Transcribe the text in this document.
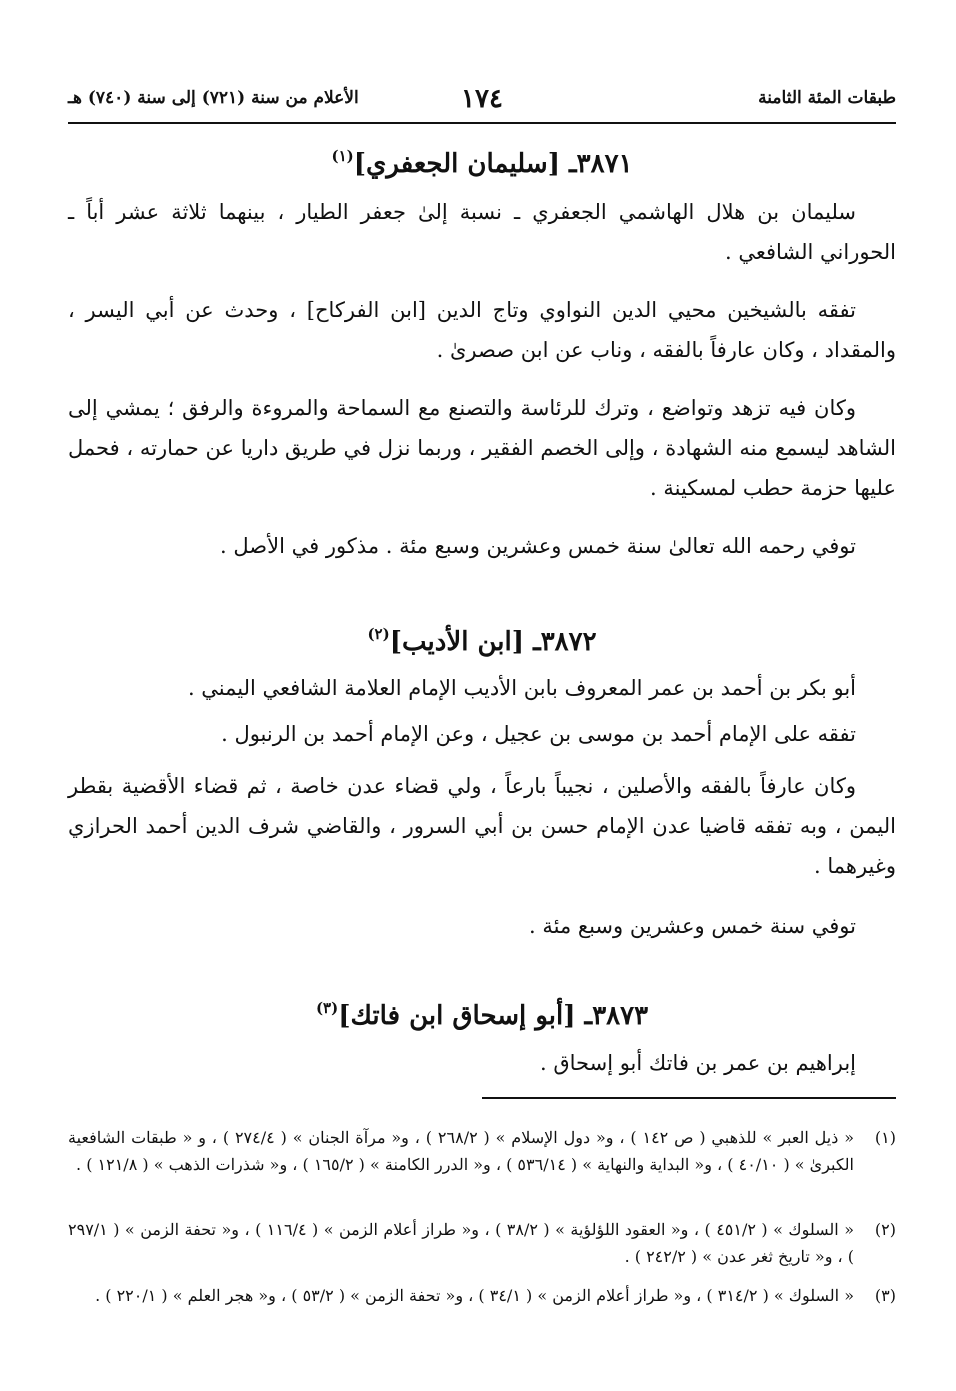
طبقات المئة الثامنة
١٧٤
الأعلام من سنة (٧٢١) إلى سنة (٧٤٠) هـ
٣٨٧١ـ [سليمان الجعفري]$^{(١)}$
سليمان بن هلال الهاشمي الجعفري ـ نسبة إلىٰ جعفر الطيار ، بينهما ثلاثة عشر أباً ـ الحوراني الشافعي .
تفقه بالشيخين محيي الدين النواوي وتاج الدين [ابن الفركاح] ، وحدث عن أبي اليسر ، والمقداد ، وكان عارفاً بالفقه ، وناب عن ابن صصرىٰ .
وكان فيه تزهد وتواضع ، وترك للرئاسة والتصنع مع السماحة والمروءة والرفق ؛ يمشي إلى الشاهد ليسمع منه الشهادة ، وإلى الخصم الفقير ، وربما نزل في طريق داريا عن حمارته ، فحمل عليها حزمة حطب لمسكينة .
توفي رحمه الله تعالىٰ سنة خمس وعشرين وسبع مئة . مذكور في الأصل .
٣٨٧٢ـ [ابن الأديب]$^{(٢)}$
أبو بكر بن أحمد بن عمر المعروف بابن الأديب الإمام العلامة الشافعي اليمني .
تفقه على الإمام أحمد بن موسى بن عجيل ، وعن الإمام أحمد بن الرنبول .
وكان عارفاً بالفقه والأصلين ، نجيباً بارعاً ، ولي قضاء عدن خاصة ، ثم قضاء الأقضية بقطر اليمن ، وبه تفقه قاضيا عدن الإمام حسن بن أبي السرور ، والقاضي شرف الدين أحمد الحرازي وغيرهما .
توفي سنة خمس وعشرين وسبع مئة .
٣٨٧٣ـ [أبو إسحاق ابن فاتك]$^{(٣)}$
إبراهيم بن عمر بن فاتك أبو إسحاق .
(١)
« ذيل العبر » للذهبي ( ص ١٤٢ ) ، و« دول الإسلام » ( ٢٦٨/٢ ) ، و« مرآة الجنان » ( ٢٧٤/٤ ) ، و « طبقات الشافعية الكبرىٰ » ( ٤٠/١٠ ) ، و« البداية والنهاية » ( ٥٣٦/١٤ ) ، و« الدرر الكامنة » ( ١٦٥/٢ ) ، و« شذرات الذهب » ( ١٢١/٨ ) .
(٢)
« السلوك » ( ٤٥١/٢ ) ، و« العقود اللؤلؤية » ( ٣٨/٢ ) ، و« طراز أعلام الزمن » ( ١١٦/٤ ) ، و« تحفة الزمن » ( ٢٩٧/١ ) ، و« تاريخ ثغر عدن » ( ٢٤٢/٢ ) .
(٣)
« السلوك » ( ٣١٤/٢ ) ، و« طراز أعلام الزمن » ( ٣٤/١ ) ، و« تحفة الزمن » ( ٥٣/٢ ) ، و« هجر العلم » ( ٢٢٠/١ ) .
